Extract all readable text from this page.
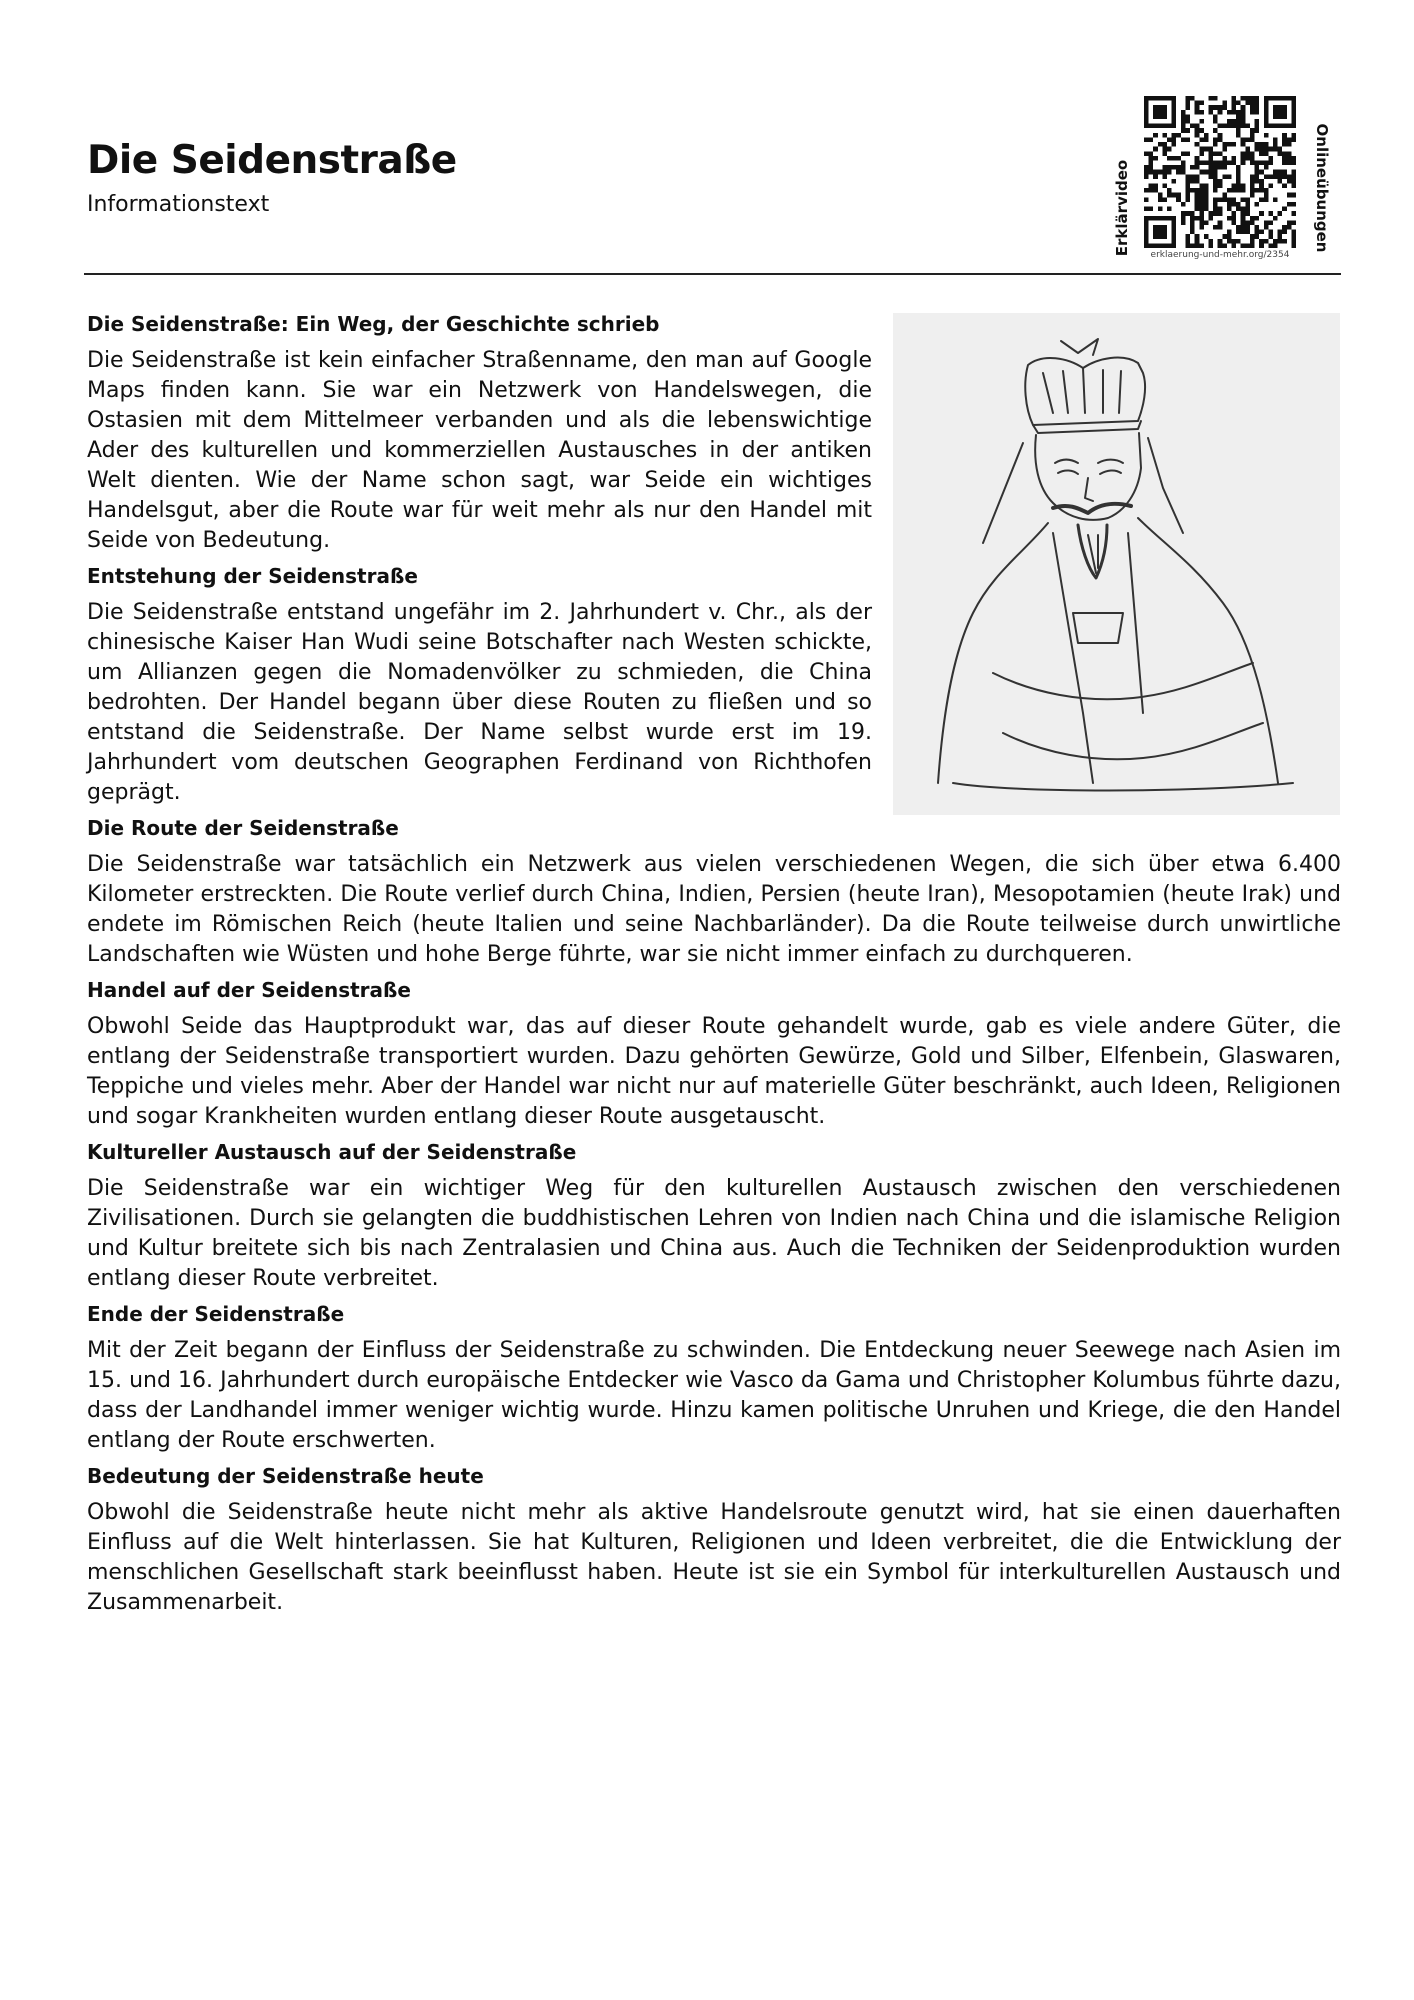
Die Seidenstraße
Informationstext	Erklärvideo	erklaerung-und-mehr.org/2354
Onlineübungen
Die Seidenstraße: Ein Weg, der Geschichte schrieb

Die Seidenstraße ist kein einfacher Straßenname, den man auf Google Maps finden kann. Sie war ein Netzwerk von Handelswegen, die Ostasien mit dem Mittelmeer verbanden und als die lebenswichtige Ader des kulturellen und kommerziellen Austausches in der antiken Welt dienten. Wie der Name schon sagt, war Seide ein wichtiges Handelsgut, aber die Route war für weit mehr als nur den Handel mit Seide von Bedeutung.

Entstehung der Seidenstraße

Die Seidenstraße entstand ungefähr im 2. Jahrhundert v. Chr., als der chinesische Kaiser Han Wudi seine Botschafter nach Westen schickte, um Allianzen gegen die Nomadenvölker zu schmieden, die China bedrohten. Der Handel begann über diese Routen zu fließen und so entstand die Seidenstraße. Der Name selbst wurde erst im 19. Jahrhundert vom deutschen Geographen Ferdinand von Richthofen geprägt.

Die Route der Seidenstraße

Die Seidenstraße war tatsächlich ein Netzwerk aus vielen verschiedenen Wegen, die sich über etwa 6.400 Kilometer erstreckten. Die Route verlief durch China, Indien, Persien (heute Iran), Mesopotamien (heute Irak) und endete im Römischen Reich (heute Italien und seine Nachbarländer). Da die Route teilweise durch unwirtliche Landschaften wie Wüsten und hohe Berge führte, war sie nicht immer einfach zu durchqueren.

Handel auf der Seidenstraße

Obwohl Seide das Hauptprodukt war, das auf dieser Route gehandelt wurde, gab es viele andere Güter, die entlang der Seidenstraße transportiert wurden. Dazu gehörten Gewürze, Gold und Silber, Elfenbein, Glaswaren, Teppiche und vieles mehr. Aber der Handel war nicht nur auf materielle Güter beschränkt, auch Ideen, Religionen und sogar Krankheiten wurden entlang dieser Route ausgetauscht.

Kultureller Austausch auf der Seidenstraße

Die Seidenstraße war ein wichtiger Weg für den kulturellen Austausch zwischen den verschiedenen Zivilisationen. Durch sie gelangten die buddhistischen Lehren von Indien nach China und die islamische Religion und Kultur breitete sich bis nach Zentralasien und China aus. Auch die Techniken der Seidenproduktion wurden entlang dieser Route verbreitet.

Ende der Seidenstraße

Mit der Zeit begann der Einfluss der Seidenstraße zu schwinden. Die Entdeckung neuer Seewege nach Asien im 15. und 16. Jahrhundert durch europäische Entdecker wie Vasco da Gama und Christopher Kolumbus führte dazu, dass der Landhandel immer weniger wichtig wurde. Hinzu kamen politische Unruhen und Kriege, die den Handel entlang der Route erschwerten.

Bedeutung der Seidenstraße heute

Obwohl die Seidenstraße heute nicht mehr als aktive Handelsroute genutzt wird, hat sie einen dauerhaften Einfluss auf die Welt hinterlassen. Sie hat Kulturen, Religionen und Ideen verbreitet, die die Entwicklung der menschlichen Gesellschaft stark beeinflusst haben. Heute ist sie ein Symbol für interkulturellen Austausch und Zusammenarbeit.
